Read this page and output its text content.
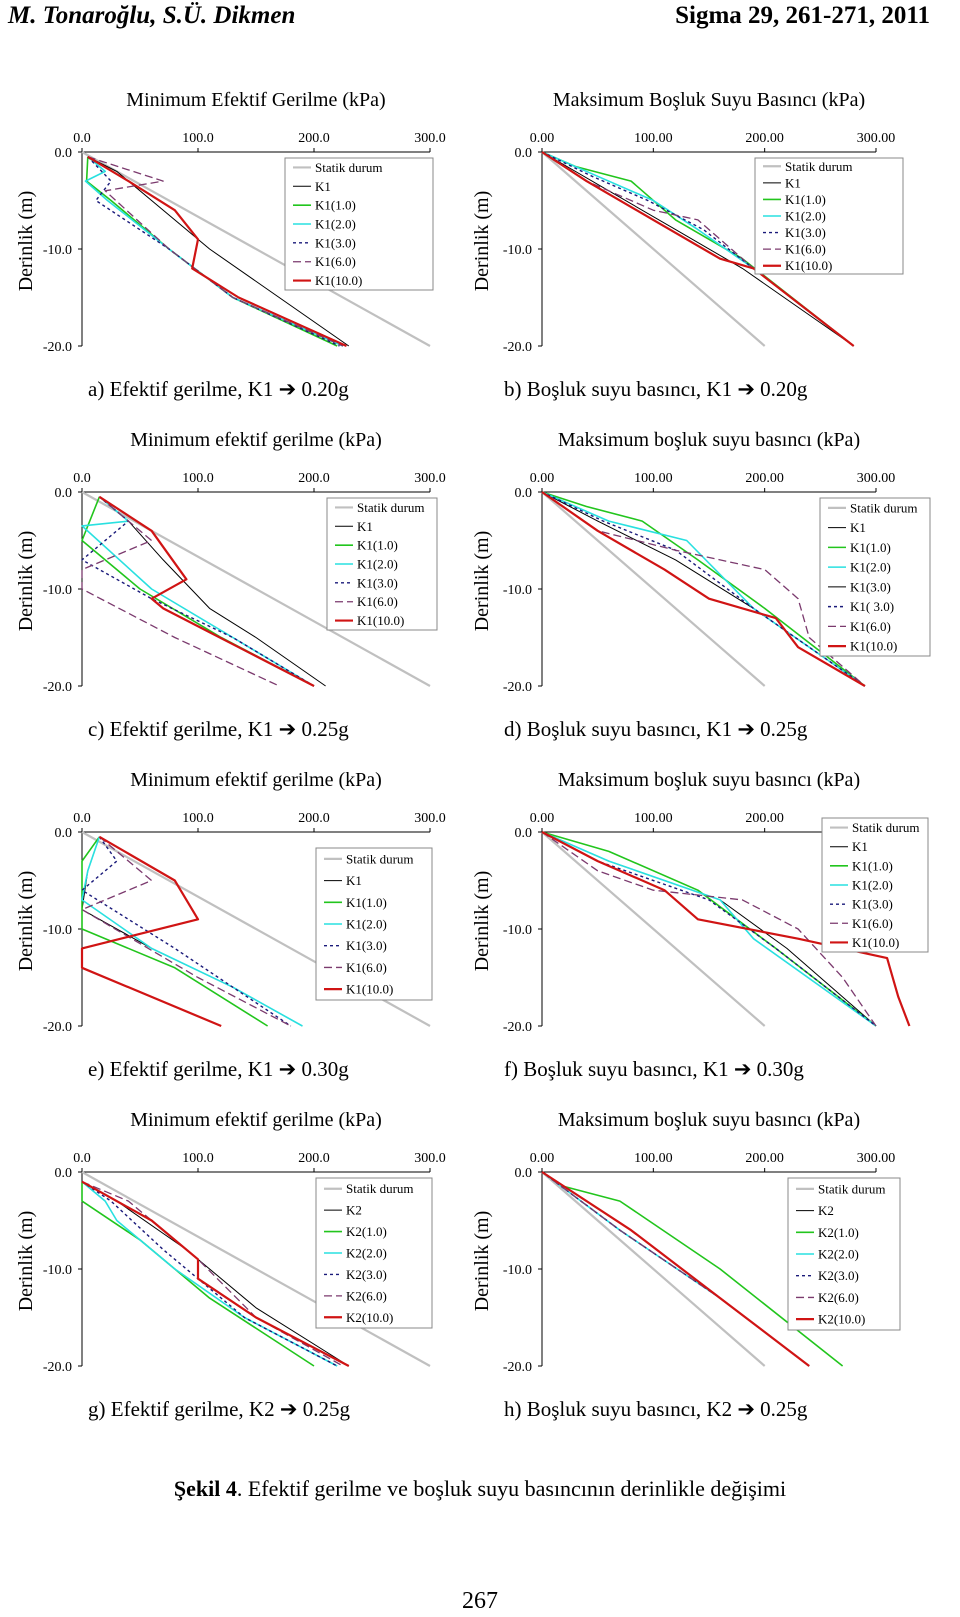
M. Tonaroğlu, S.Ü. Dikmen	Sigma 29, 261-271, 2011
Minimum Efektif Gerilme (kPa)
0.0	100.0	200.0	300.0
0.0
-10.0
-20.0
Derinlik (m)
Statik durum
K1
K1(1.0)
K1(2.0)
K1(3.0)
K1(6.0)
K1(10.0)
a) Efektif gerilme, K1 ➔ 0.20g
Maksimum Boşluk Suyu Basıncı (kPa)
0.00	100.00	200.00	300.00
0.0
-10.0
-20.0
Derinlik (m)
Statik durum
K1
K1(1.0)
K1(2.0)
K1(3.0)
K1(6.0)
K1(10.0)
b) Boşluk suyu basıncı, K1 ➔ 0.20g
Minimum efektif gerilme (kPa)
0.0	100.0	200.0	300.0
0.0
-10.0
-20.0
Derinlik (m)
Statik durum
K1
K1(1.0)
K1(2.0)
K1(3.0)
K1(6.0)
K1(10.0)
c) Efektif gerilme, K1 ➔ 0.25g
Maksimum boşluk suyu basıncı (kPa)
0.00	100.00	200.00	300.00
0.0
-10.0
-20.0
Derinlik (m)
Statik durum
K1
K1(1.0)
K1(2.0)
K1(3.0)
K1( 3.0)
K1(6.0)
K1(10.0)
d) Boşluk suyu basıncı, K1 ➔ 0.25g
Minimum efektif gerilme (kPa)
0.0	100.0	200.0	300.0
0.0
-10.0
-20.0
Derinlik (m)
Statik durum
K1
K1(1.0)
K1(2.0)
K1(3.0)
K1(6.0)
K1(10.0)
e) Efektif gerilme, K1 ➔ 0.30g
Maksimum boşluk suyu basıncı (kPa)
0.00	100.00	200.00
0.0
-10.0
-20.0
Derinlik (m)
Statik durum
K1
K1(1.0)
K1(2.0)
K1(3.0)
K1(6.0)
K1(10.0)
f) Boşluk suyu basıncı, K1 ➔ 0.30g
Minimum efektif gerilme (kPa)
0.0	100.0	200.0	300.0
0.0
-10.0
-20.0
Derinlik (m)
Statik durum
K2
K2(1.0)
K2(2.0)
K2(3.0)
K2(6.0)
K2(10.0)
g) Efektif gerilme, K2 ➔ 0.25g
Maksimum boşluk suyu basıncı (kPa)
0.00	100.00	200.00	300.00
0.0
-10.0
-20.0
Derinlik (m)
Statik durum
K2
K2(1.0)
K2(2.0)
K2(3.0)
K2(6.0)
K2(10.0)
h) Boşluk suyu basıncı, K2 ➔ 0.25g
Şekil 4. Efektif gerilme ve boşluk suyu basıncının derinlikle değişimi
267
